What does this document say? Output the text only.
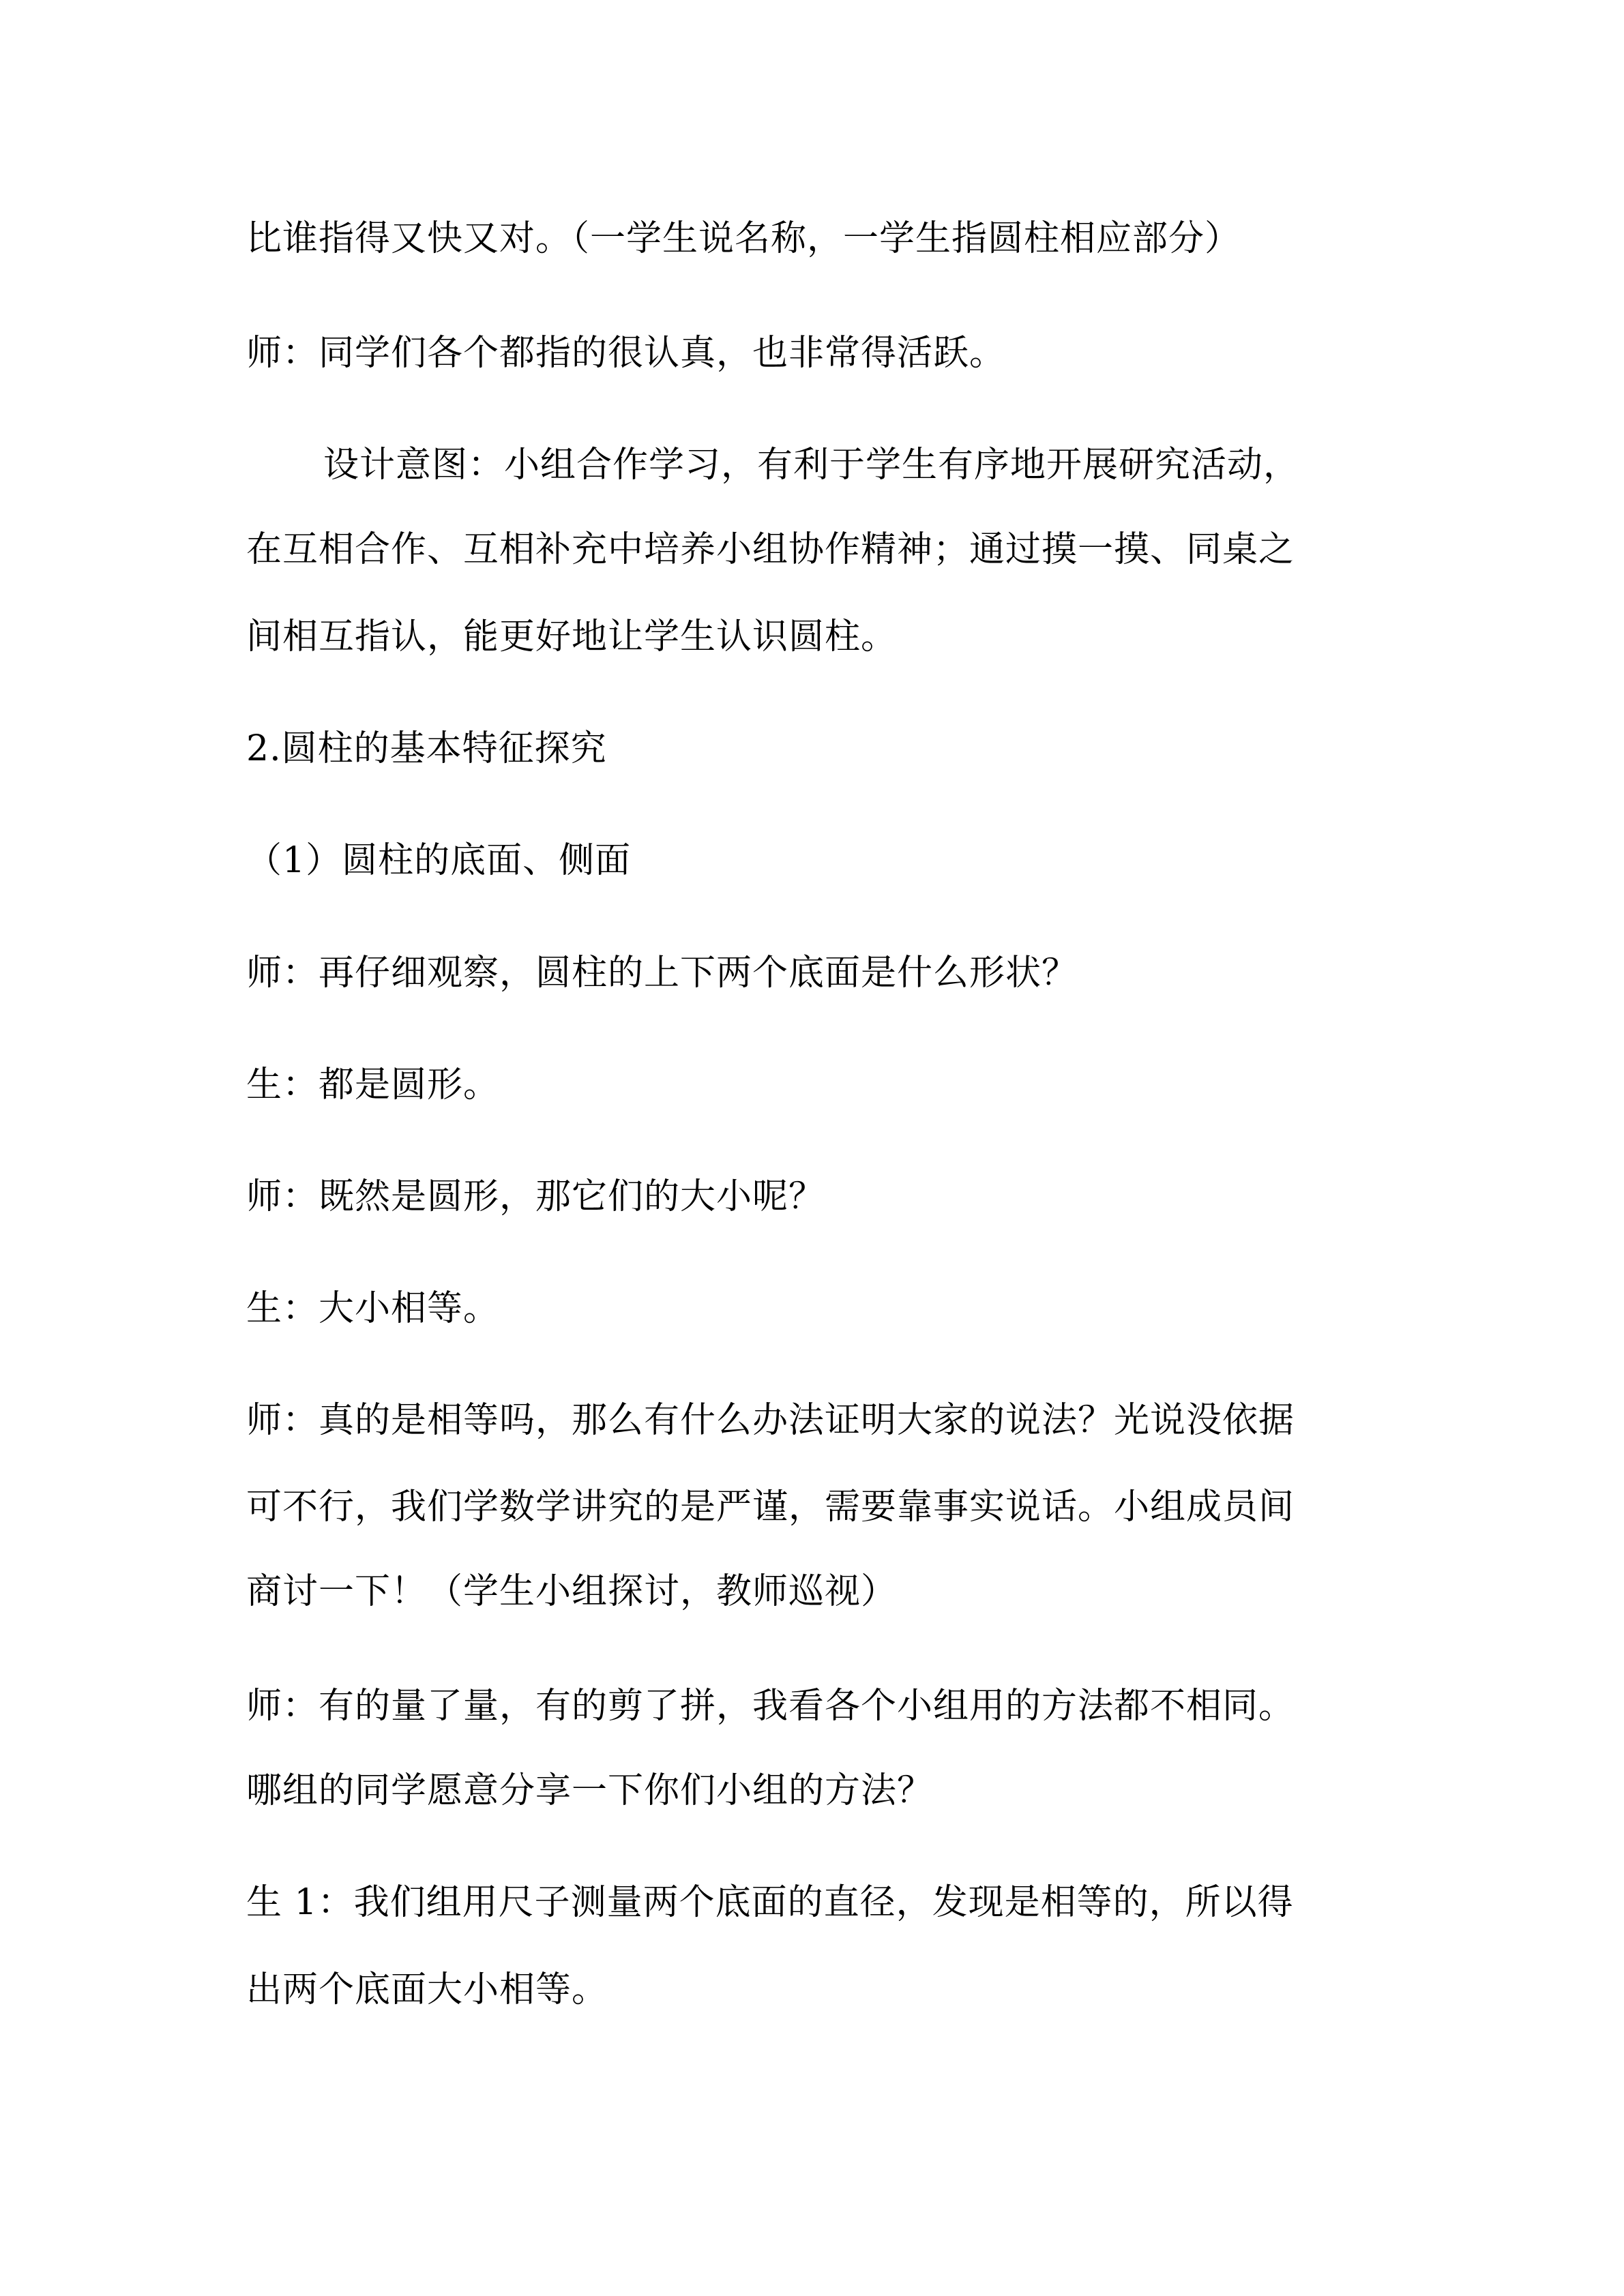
比谁指得又快又对。（一学生说名称，一学生指圆柱相应部分）
师：同学们各个都指的很认真，也非常得活跃。
设计意图：小组合作学习，有利于学生有序地开展研究活动，
在互相合作、互相补充中培养小组协作精神；通过摸一摸、同桌之
间相互指认，能更好地让学生认识圆柱。
2.圆柱的基本特征探究
（1）圆柱的底面、侧面
师：再仔细观察，圆柱的上下两个底面是什么形状？
生：都是圆形。
师：既然是圆形，那它们的大小呢？
生：大小相等。
师：真的是相等吗，那么有什么办法证明大家的说法？光说没依据
可不行，我们学数学讲究的是严谨，需要靠事实说话。小组成员间
商讨一下！（学生小组探讨，教师巡视）
师：有的量了量，有的剪了拼，我看各个小组用的方法都不相同。
哪组的同学愿意分享一下你们小组的方法？
生 1：我们组用尺子测量两个底面的直径，发现是相等的，所以得
出两个底面大小相等。
